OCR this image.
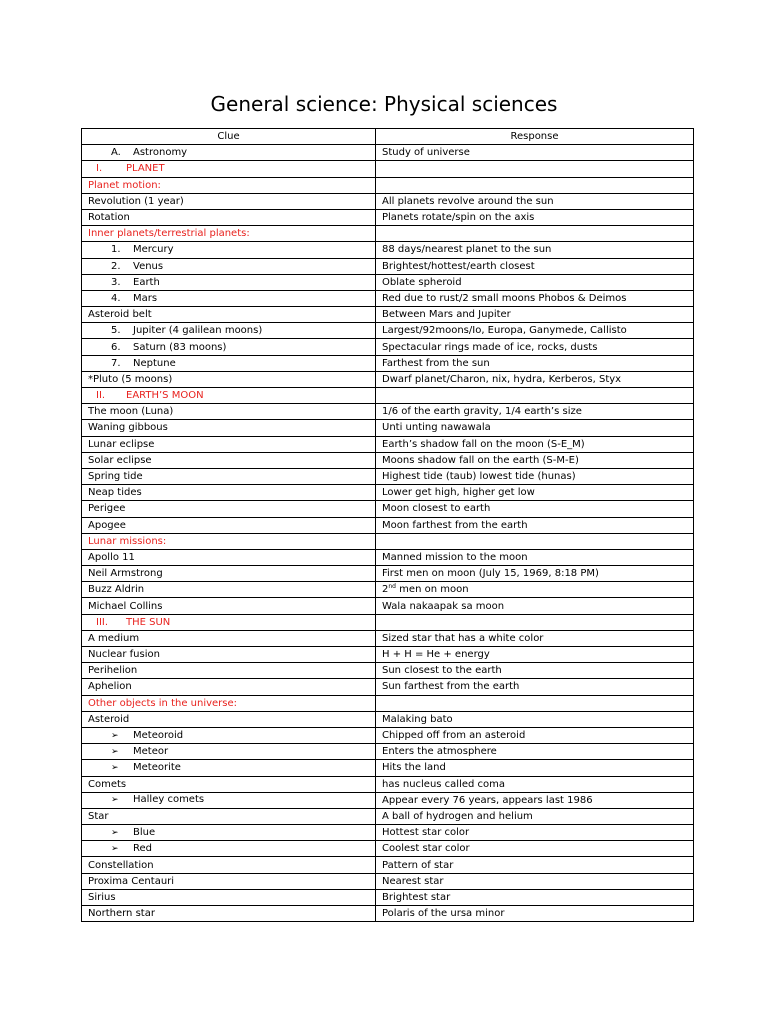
General science: Physical sciences
Clue	Response
A. Astronomy	Study of universe
I. PLANET	
Planet motion:	
Revolution (1 year)	All planets revolve around the sun
Rotation	Planets rotate/spin on the axis
Inner planets/terrestrial planets:	
1. Mercury	88 days/nearest planet to the sun
2. Venus	Brightest/hottest/earth closest
3. Earth	Oblate spheroid
4. Mars	Red due to rust/2 small moons Phobos & Deimos
Asteroid belt	Between Mars and Jupiter
5. Jupiter (4 galilean moons)	Largest/92moons/Io, Europa, Ganymede, Callisto
6. Saturn (83 moons)	Spectacular rings made of ice, rocks, dusts
7. Neptune	Farthest from the sun
*Pluto (5 moons)	Dwarf planet/Charon, nix, hydra, Kerberos, Styx
II. EARTH’S MOON	
The moon (Luna)	1/6 of the earth gravity, 1/4 earth’s size
Waning gibbous	Unti unting nawawala
Lunar eclipse	Earth’s shadow fall on the moon (S-E_M)
Solar eclipse	Moons shadow fall on the earth (S-M-E)
Spring tide	Highest tide (taub) lowest tide (hunas)
Neap tides	Lower get high, higher get low
Perigee	Moon closest to earth
Apogee	Moon farthest from the earth
Lunar missions:	
Apollo 11	Manned mission to the moon
Neil Armstrong	First men on moon (July 15, 1969, 8:18 PM)
Buzz Aldrin	2nd men on moon
Michael Collins	Wala nakaapak sa moon
III. THE SUN	
A medium	Sized star that has a white color
Nuclear fusion	H + H = He + energy
Perihelion	Sun closest to the earth
Aphelion	Sun farthest from the earth
Other objects in the universe:	
Asteroid	Malaking bato
➢ Meteoroid	Chipped off from an asteroid
➢ Meteor	Enters the atmosphere
➢ Meteorite	Hits the land
Comets	has nucleus called coma
➢ Halley comets	Appear every 76 years, appears last 1986
Star	A ball of hydrogen and helium
➢ Blue	Hottest star color
➢ Red	Coolest star color
Constellation	Pattern of star
Proxima Centauri	Nearest star
Sirius	Brightest star
Northern star	Polaris of the ursa minor
